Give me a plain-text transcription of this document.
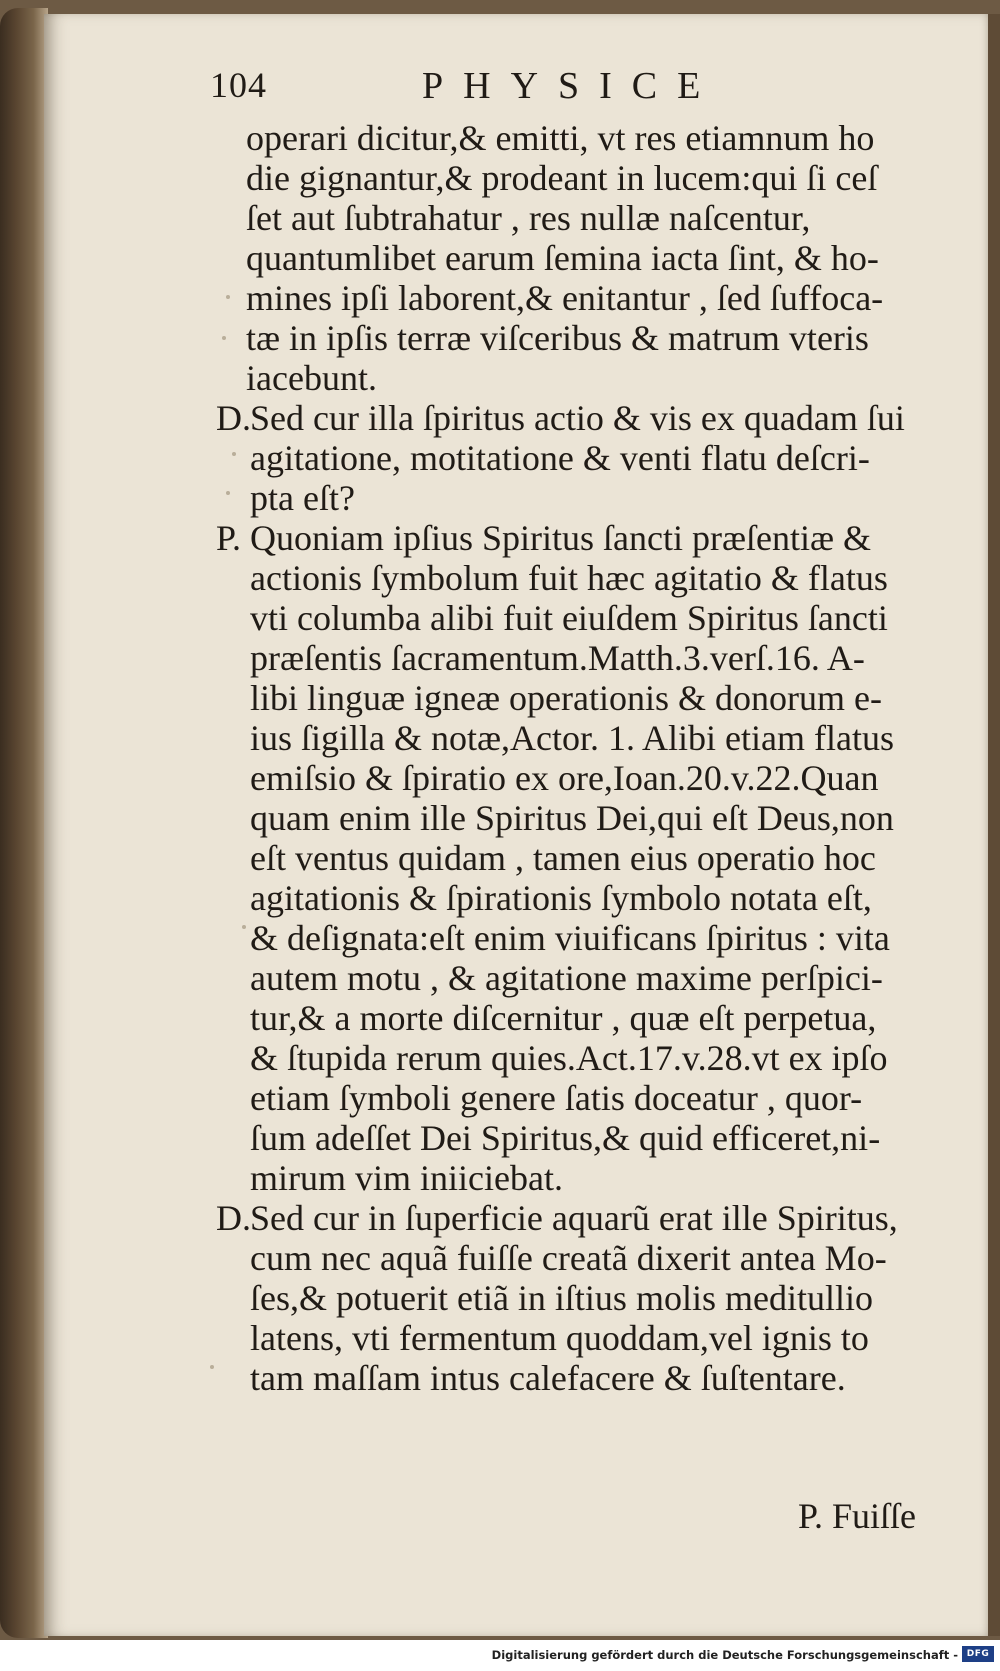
104	PHYSICE
operari dicitur,& emitti, vt res etiamnum ho
die gignantur,& prodeant in lucem:qui ſi ceſ
ſet aut ſubtrahatur , res nullæ naſcentur,
quantumlibet earum ſemina iacta ſint, & ho-
mines ipſi laborent,& enitantur , ſed ſuffoca-
tæ in ipſis terræ viſceribus & matrum vteris
iacebunt.
D. Sed cur illa ſpiritus actio & vis ex quadam ſui
agitatione, motitatione & venti flatu deſcri-
pta eſt?
P. Quoniam ipſius Spiritus ſancti præſentiæ &
actionis ſymbolum fuit hæc agitatio & flatus
vti columba alibi fuit eiuſdem Spiritus ſancti
præſentis ſacramentum.Matth.3.verſ.16. A-
libi linguæ igneæ operationis & donorum e-
ius ſigilla & notæ,Actor. 1. Alibi etiam flatus
emiſsio & ſpiratio ex ore,Ioan.20.v.22.Quan
quam enim ille Spiritus Dei,qui eſt Deus,non
eſt ventus quidam , tamen eius operatio hoc
agitationis & ſpirationis ſymbolo notata eſt,
& deſignata:eſt enim viuificans ſpiritus : vita
autem motu , & agitatione maxime perſpici-
tur,& a morte diſcernitur , quæ eſt perpetua,
& ſtupida rerum quies.Act.17.v.28.vt ex ipſo
etiam ſymboli genere ſatis doceatur , quor-
ſum adeſſet Dei Spiritus,& quid efficeret,ni-
mirum vim iniiciebat.
D. Sed cur in ſuperficie aquarũ erat ille Spiritus,
cum nec aquã fuiſſe creatã dixerit antea Mo-
ſes,& potuerit etiã in iſtius molis meditullio
latens, vti fermentum quoddam,vel ignis to
tam maſſam intus calefacere & ſuſtentare.
P. Fuiſſe
Digitalisierung gefördert durch die Deutsche Forschungsgemeinschaft - DFG
